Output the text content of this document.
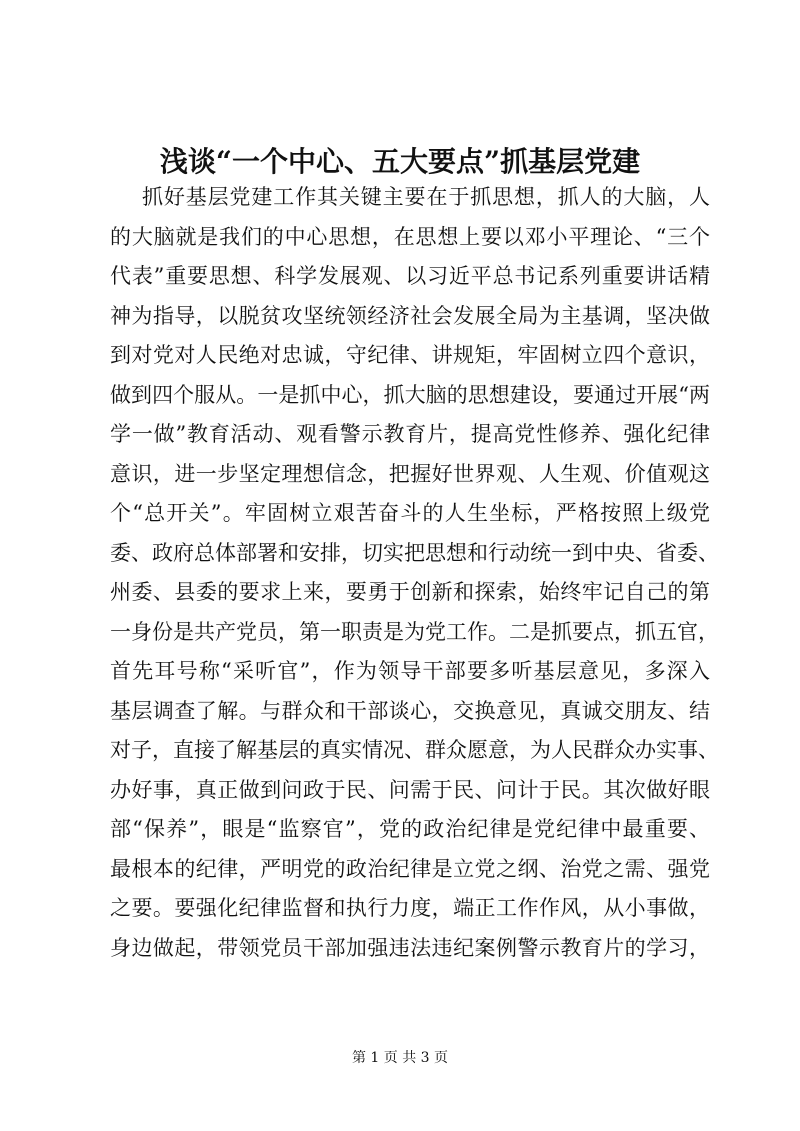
浅谈“一个中心、五大要点”抓基层党建
抓好基层党建工作其关键主要在于抓思想，抓人的大脑，人
的大脑就是我们的中心思想，在思想上要以邓小平理论、“三个
代表”重要思想、科学发展观、以习近平总书记系列重要讲话精
神为指导，以脱贫攻坚统领经济社会发展全局为主基调，坚决做
到对党对人民绝对忠诚，守纪律、讲规矩，牢固树立四个意识，
做到四个服从。一是抓中心，抓大脑的思想建设，要通过开展“两
学一做”教育活动、观看警示教育片，提高党性修养、强化纪律
意识，进一步坚定理想信念，把握好世界观、人生观、价值观这
个“总开关”。牢固树立艰苦奋斗的人生坐标，严格按照上级党
委、政府总体部署和安排，切实把思想和行动统一到中央、省委、
州委、县委的要求上来，要勇于创新和探索，始终牢记自己的第
一身份是共产党员，第一职责是为党工作。二是抓要点，抓五官，
首先耳号称“采听官”，作为领导干部要多听基层意见，多深入
基层调查了解。与群众和干部谈心，交换意见，真诚交朋友、结
对子，直接了解基层的真实情况、群众愿意，为人民群众办实事、
办好事，真正做到问政于民、问需于民、问计于民。其次做好眼
部“保养”，眼是“监察官”，党的政治纪律是党纪律中最重要、
最根本的纪律，严明党的政治纪律是立党之纲、治党之需、强党
之要。要强化纪律监督和执行力度，端正工作作风，从小事做，
身边做起，带领党员干部加强违法违纪案例警示教育片的学习，
第 1 页 共 3 页
